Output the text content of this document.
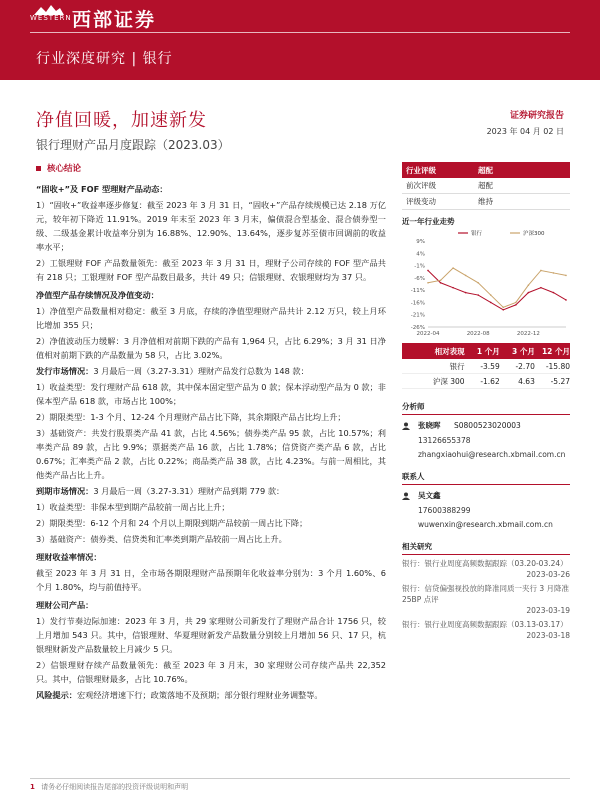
WESTERN 西部证券
行业深度研究 | 银行
净值回暖，加速新发
银行理财产品月度跟踪（2023.03）
证券研究报告
2023 年 04 月 02 日
核心结论
“固收+”及 FOF 型理财产品动态：
1）“固收+”收益率逐步修复：截至 2023 年 3 月 31 日，“固收+”产品存续规模已达 2.18 万亿元，较年初下降近 11.91%。2019 年末至 2023 年 3 月末，偏债混合型基金、混合债券型一级、二级基金累计收益率分别为 16.88%、12.90%、13.64%，逐步复苏至债市回调前的收益率水平；
2）工银理财 FOF 产品数量领先：截至 2023 年 3 月 31 日，理财子公司存续的 FOF 型产品共有 218 只；工银理财 FOF 型产品数目最多，共计 49 只；信银理财、农银理财均为 37 只。
净值型产品存续情况及净值变动：
1）净值型产品数量相对稳定：截至 3 月底，存续的净值型理财产品共计 2.12 万只，较上月环比增加 355 只；
2）净值波动压力缓解：3 月净值相对前期下跌的产品有 1,964 只，占比 6.29%；3 月 31 日净值相对前期下跌的产品数量为 58 只，占比 3.02%。
发行市场情况：3 月最后一周（3.27-3.31）理财产品发行总数为 148 款：
1）收益类型：发行理财产品 618 款，其中保本固定型产品为 0 款；保本浮动型产品为 0 款；非保本型产品 618 款，市场占比 100%；
2）期限类型：1-3 个月、12-24 个月理财产品占比下降，其余期限产品占比均上升；
3）基础资产：共发行股票类产品 41 款，占比 4.56%；债券类产品 95 款，占比 10.57%；利率类产品 89 款，占比 9.9%；票据类产品 16 款，占比 1.78%；信贷资产类产品 6 款，占比 0.67%；汇率类产品 2 款，占比 0.22%；商品类产品 38 款，占比 4.23%。与前一周相比，其他类产品占比上升。
到期市场情况：3 月最后一周（3.27-3.31）理财产品到期 779 款：
1）收益类型：非保本型到期产品较前一周占比上升；
2）期限类型：6-12 个月和 24 个月以上期限到期产品较前一周占比下降；
3）基础资产：债券类、信贷类和汇率类到期产品较前一周占比上升。
理财收益率情况：
截至 2023 年 3 月 31 日，全市场各期限理财产品预期年化收益率分别为：3 个月 1.60%、6 个月 1.80%，均与前值持平。
理财公司产品：
1）发行节奏边际加速：2023 年 3 月，共 29 家理财公司新发行了理财产品合计 1756 只，较上月增加 543 只。其中，信银理财、华夏理财新发产品数量分别较上月增加 56 只、17 只，杭银理财新发产品数量较上月减少 5 只。
2）信银理财存续产品数量领先：截至 2023 年 3 月末，30 家理财公司存续产品共 22,352 只。其中，信银理财最多，占比 10.76%。
风险提示：宏观经济增速下行；政策落地不及预期；部分银行理财业务调整等。
行业评级	超配
前次评级	超配
评级变动	维持
近一年行业走势
9%
4%
-1%
-6%
-11%
-16%
-21%
-26%
2022-04	2022-08	2022-12
银行	沪深300
相对表现	1 个月	3 个月 12 个月
银行	-3.59	-2.70	-15.80
沪深 300	-1.62	4.63	-5.27
分析师
张晓晖	S0800523020003
13126655378
zhangxiaohui@research.xbmail.com.cn
联系人
吴文鑫
17600388299
wuwenxin@research.xbmail.com.cn
相关研究
银行：银行业周度高频数据跟踪（03.20-03.24）
2023-03-26
银行：信贷偏强视投放的降准同质一夹行 3 月降准 25BP 点评
2023-03-19
银行：银行业周度高频数据跟踪（03.13-03.17）
2023-03-18
1 请务必仔细阅读报告尾部的投资评级说明和声明
